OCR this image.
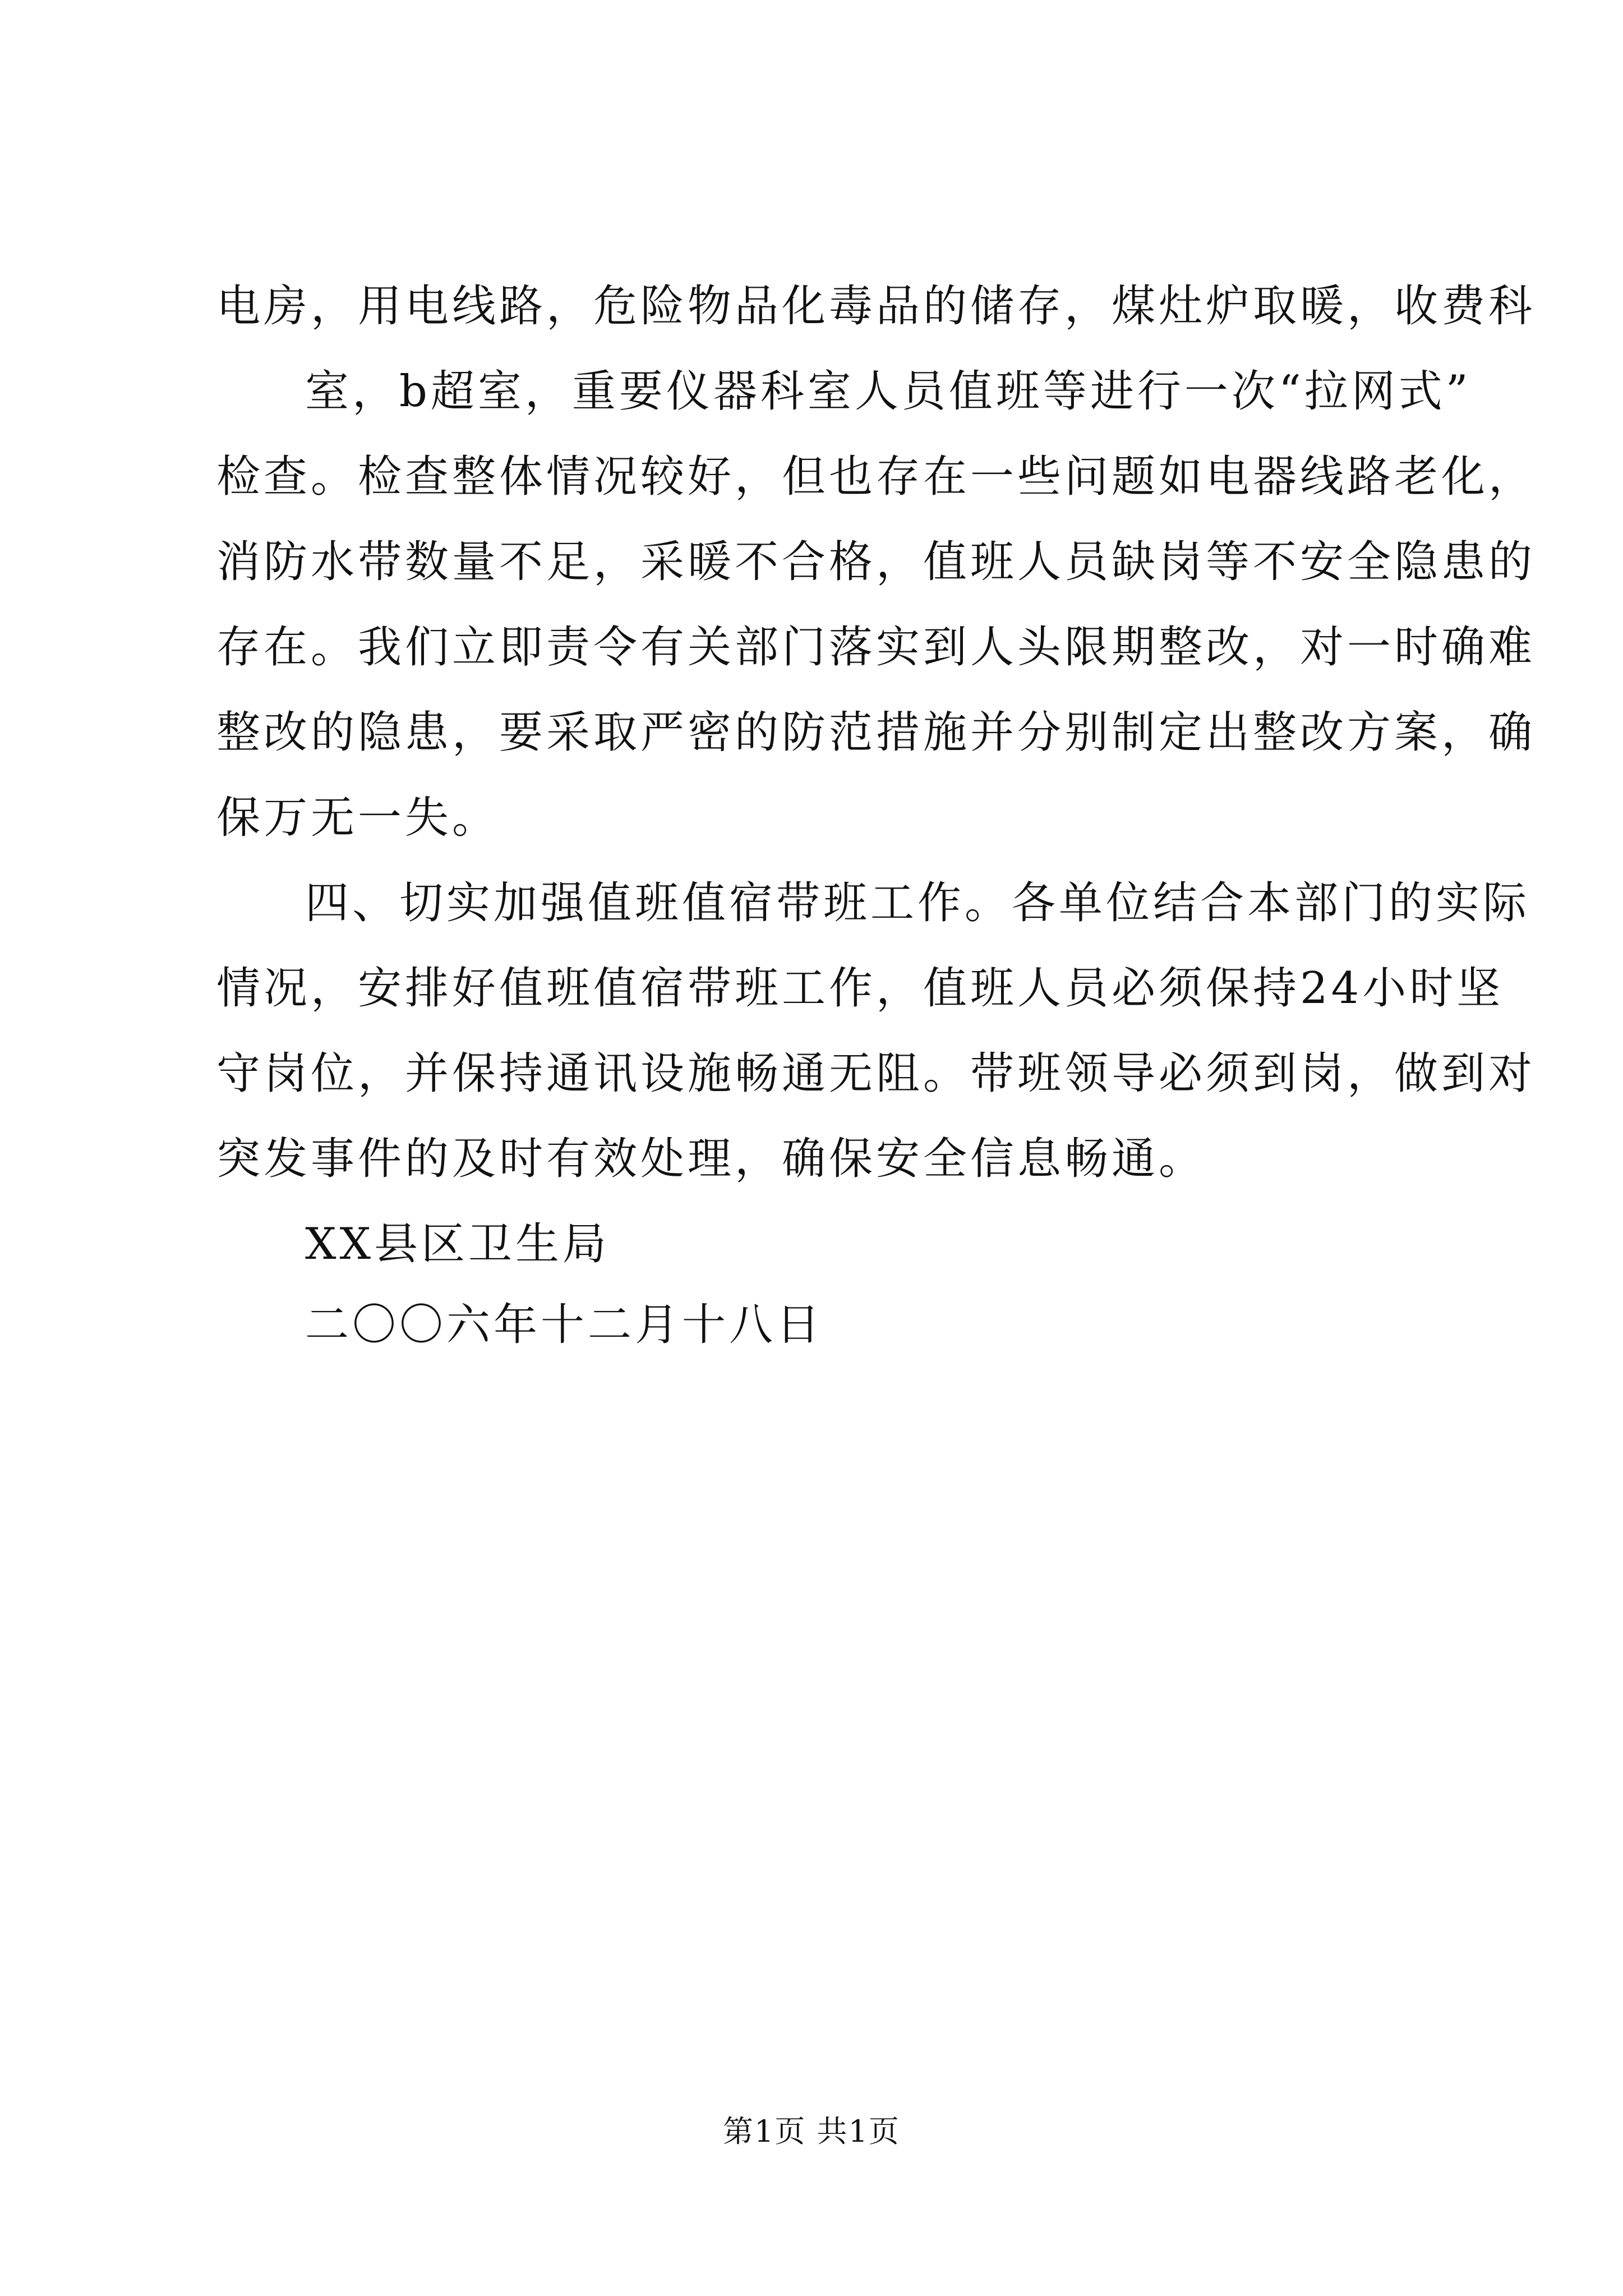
电房，用电线路，危险物品化毒品的储存，煤灶炉取暖，收费科
室，b超室，重要仪器科室人员值班等进行一次“拉网式”
检查。检查整体情况较好，但也存在一些问题如电器线路老化，
消防水带数量不足，采暖不合格，值班人员缺岗等不安全隐患的
存在。我们立即责令有关部门落实到人头限期整改，对一时确难
整改的隐患，要采取严密的防范措施并分别制定出整改方案，确
保万无一失。
四、切实加强值班值宿带班工作。各单位结合本部门的实际
情况，安排好值班值宿带班工作，值班人员必须保持24小时坚
守岗位，并保持通讯设施畅通无阻。带班领导必须到岗，做到对
突发事件的及时有效处理，确保安全信息畅通。
XX县区卫生局
二〇〇六年十二月十八日
第1页 共1页
